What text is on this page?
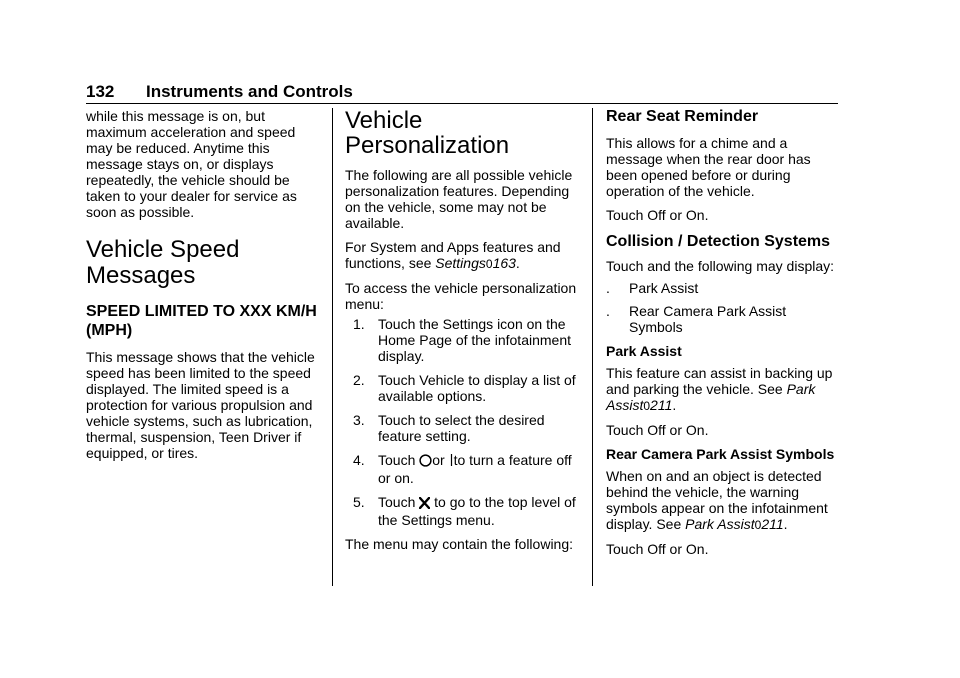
132 Instruments and Controls

while this message is on, but maximum acceleration and speed may be reduced. Anytime this message stays on, or displays repeatedly, the vehicle should be taken to your dealer for service as soon as possible.

Vehicle Speed Messages
SPEED LIMITED TO XXX KM/H (MPH)

This message shows that the vehicle speed has been limited to the speed displayed. The limited speed is a protection for various propulsion and vehicle systems, such as lubrication, thermal, suspension, Teen Driver if equipped, or tires.

Vehicle Personalization

The following are all possible vehicle personalization features. Depending on the vehicle, some may not be available.

For System and Apps features and functions, see Settings0163.

To access the vehicle personalization menu:

1. Touch the Settings icon on the Home Page of the infotainment display.
2. Touch Vehicle to display a list of available options.
3. Touch to select the desired feature setting.
4. Touch or to turn a feature off or on.
5. Touch to go to the top level of the Settings menu.

The menu may contain the following:

Rear Seat Reminder

This allows for a chime and a message when the rear door has been opened before or during operation of the vehicle.

Touch Off or On.

Collision / Detection Systems

Touch and the following may display:

. Park Assist
. Rear Camera Park Assist Symbols

Park Assist

This feature can assist in backing up and parking the vehicle. See Park Assist0211.

Touch Off or On.

Rear Camera Park Assist Symbols

When on and an object is detected behind the vehicle, the warning symbols appear on the infotainment display. See Park Assist0211.

Touch Off or On.
